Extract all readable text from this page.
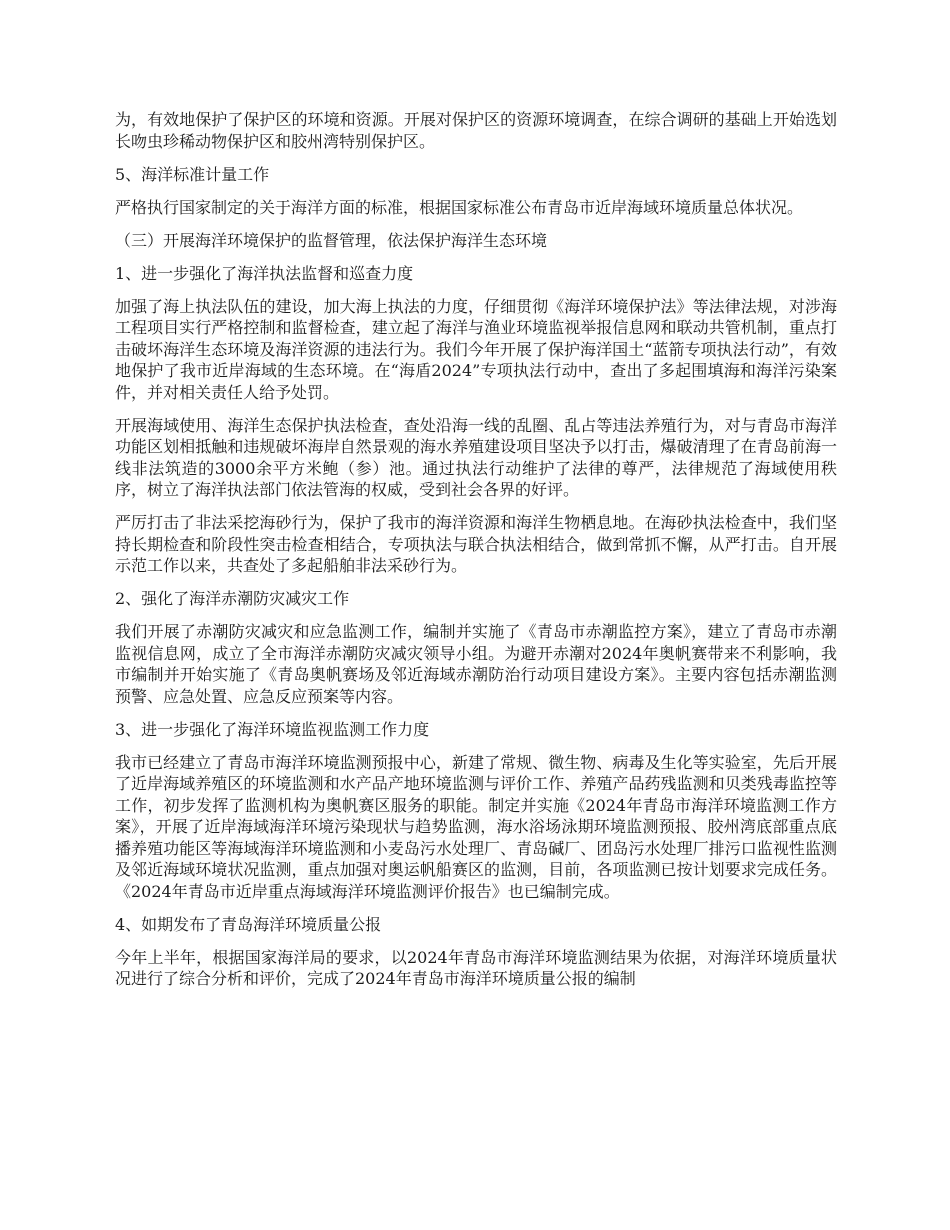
为，有效地保护了保护区的环境和资源。开展对保护区的资源环境调查，在综合调研的基础上开始选划长吻虫珍稀动物保护区和胶州湾特别保护区。

5、海洋标准计量工作

严格执行国家制定的关于海洋方面的标准，根据国家标准公布青岛市近岸海域环境质量总体状况。

（三）开展海洋环境保护的监督管理，依法保护海洋生态环境

1、进一步强化了海洋执法监督和巡查力度

加强了海上执法队伍的建设，加大海上执法的力度，仔细贯彻《海洋环境保护法》等法律法规，对涉海工程项目实行严格控制和监督检查，建立起了海洋与渔业环境监视举报信息网和联动共管机制，重点打击破坏海洋生态环境及海洋资源的违法行为。我们今年开展了保护海洋国土“蓝箭专项执法行动”，有效地保护了我市近岸海域的生态环境。在“海盾2024”专项执法行动中，查出了多起围填海和海洋污染案件，并对相关责任人给予处罚。

开展海域使用、海洋生态保护执法检查，查处沿海一线的乱圈、乱占等违法养殖行为，对与青岛市海洋功能区划相抵触和违规破坏海岸自然景观的海水养殖建设项目坚决予以打击，爆破清理了在青岛前海一线非法筑造的3000余平方米鲍（参）池。通过执法行动维护了法律的尊严，法律规范了海域使用秩序，树立了海洋执法部门依法管海的权威，受到社会各界的好评。

严厉打击了非法采挖海砂行为，保护了我市的海洋资源和海洋生物栖息地。在海砂执法检查中，我们坚持长期检查和阶段性突击检查相结合，专项执法与联合执法相结合，做到常抓不懈，从严打击。自开展示范工作以来，共查处了多起船舶非法采砂行为。

2、强化了海洋赤潮防灾减灾工作

我们开展了赤潮防灾减灾和应急监测工作，编制并实施了《青岛市赤潮监控方案》，建立了青岛市赤潮监视信息网，成立了全市海洋赤潮防灾减灾领导小组。为避开赤潮对2024年奥帆赛带来不利影响，我市编制并开始实施了《青岛奥帆赛场及邻近海域赤潮防治行动项目建设方案》。主要内容包括赤潮监测预警、应急处置、应急反应预案等内容。

3、进一步强化了海洋环境监视监测工作力度

我市已经建立了青岛市海洋环境监测预报中心，新建了常规、微生物、病毒及生化等实验室，先后开展了近岸海域养殖区的环境监测和水产品产地环境监测与评价工作、养殖产品药残监测和贝类残毒监控等工作，初步发挥了监测机构为奥帆赛区服务的职能。制定并实施《2024年青岛市海洋环境监测工作方案》，开展了近岸海域海洋环境污染现状与趋势监测，海水浴场泳期环境监测预报、胶州湾底部重点底播养殖功能区等海域海洋环境监测和小麦岛污水处理厂、青岛碱厂、团岛污水处理厂排污口监视性监测及邻近海域环境状况监测，重点加强对奥运帆船赛区的监测，目前，各项监测已按计划要求完成任务。《2024年青岛市近岸重点海域海洋环境监测评价报告》也已编制完成。

4、如期发布了青岛海洋环境质量公报

今年上半年，根据国家海洋局的要求，以2024年青岛市海洋环境监测结果为依据，对海洋环境质量状况进行了综合分析和评价，完成了2024年青岛市海洋环境质量公报的编制
